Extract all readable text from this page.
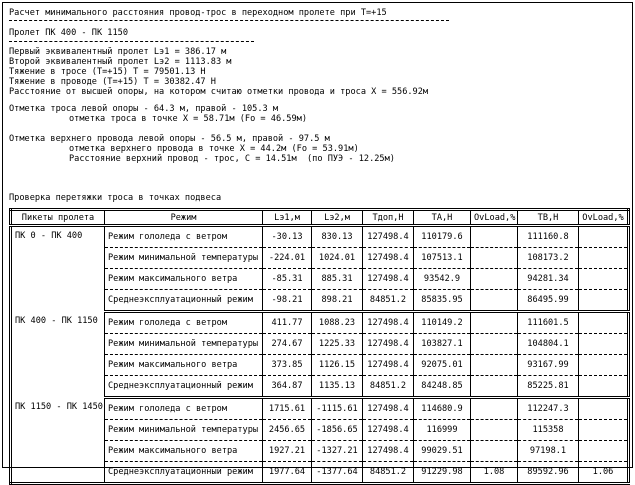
Расчет минимального расстояния провод-трос в переходном пролете при T=+15
Пролет ПК 400 - ПК 1150
Первый эквивалентный пролет Lэ1 = 386.17 м
Второй эквивалентный пролет Lэ2 = 1113.83 м
Тяжение в тросе (T=+15) T = 79501.13 Н
Тяжение в проводе (T=+15) T = 30382.47 Н
Расстояние от высшей опоры, на котором считаю отметки провода и троса X = 556.92м
Отметка троса левой опоры - 64.3 м, правой - 105.3 м
отметка троса в точке X = 58.71м (Fo = 46.59м)
Отметка верхнего провода левой опоры - 56.5 м, правой - 97.5 м
отметка верхнего провода в точке X = 44.2м (Fo = 53.91м)
Расстояние верхний провод - трос, C = 14.51м  (по ПУЭ - 12.25м)
Проверка перетяжки троса в точках подвеса
Пикеты пролета	Режим	Lэ1,м	Lэ2,м	Tдоп,Н	TA,Н	OvLoad,%	TB,Н	OvLoad,%
ПК 0 - ПК 400	Режим гололеда с ветром	-30.13	830.13	127498.4	110179.6		111160.8	
	Режим минимальной температуры	-224.01	1024.01	127498.4	107513.1		108173.2	
	Режим максимального ветра	-85.31	885.31	127498.4	93542.9		94281.34	
	Среднеэксплуатационный режим	-98.21	898.21	84851.2	85835.95		86495.99	
ПК 400 - ПК 1150	Режим гололеда с ветром	411.77	1088.23	127498.4	110149.2		111601.5	
	Режим минимальной температуры	274.67	1225.33	127498.4	103827.1		104804.1	
	Режим максимального ветра	373.85	1126.15	127498.4	92075.01		93167.99	
	Среднеэксплуатационный режим	364.87	1135.13	84851.2	84248.85		85225.81	
ПК 1150 - ПК 1450	Режим гололеда с ветром	1715.61	-1115.61	127498.4	114680.9		112247.3	
	Режим минимальной температуры	2456.65	-1856.65	127498.4	116999		115358	
	Режим максимального ветра	1927.21	-1327.21	127498.4	99029.51		97198.1	
	Среднеэксплуатационный режим	1977.64	-1377.64	84851.2	91229.98	1.08	89592.96	1.06
